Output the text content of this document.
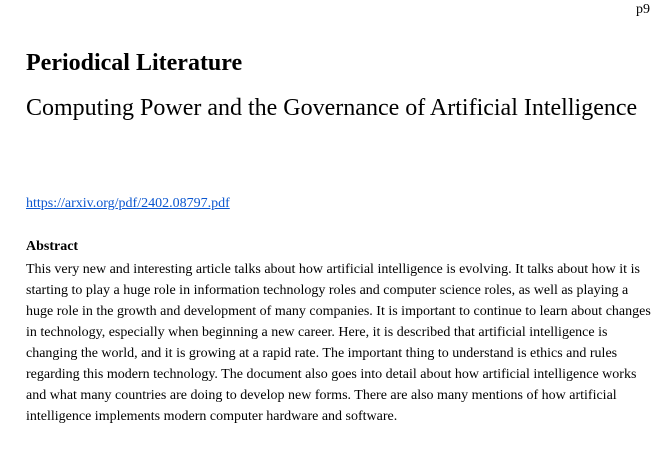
p9
Periodical Literature
Computing Power and the Governance of Artificial Intelligence
https://arxiv.org/pdf/2402.08797.pdf
Abstract

This very new and interesting article talks about how artificial intelligence is evolving. It talks about how it is starting to play a huge role in information technology roles and computer science roles, as well as playing a huge role in the growth and development of many companies. It is important to continue to learn about changes in technology, especially when beginning a new career. Here, it is described that artificial intelligence is changing the world, and it is growing at a rapid rate. The important thing to understand is ethics and rules regarding this modern technology. The document also goes into detail about how artificial intelligence works and what many countries are doing to develop new forms. There are also many mentions of how artificial intelligence implements modern computer hardware and software.
